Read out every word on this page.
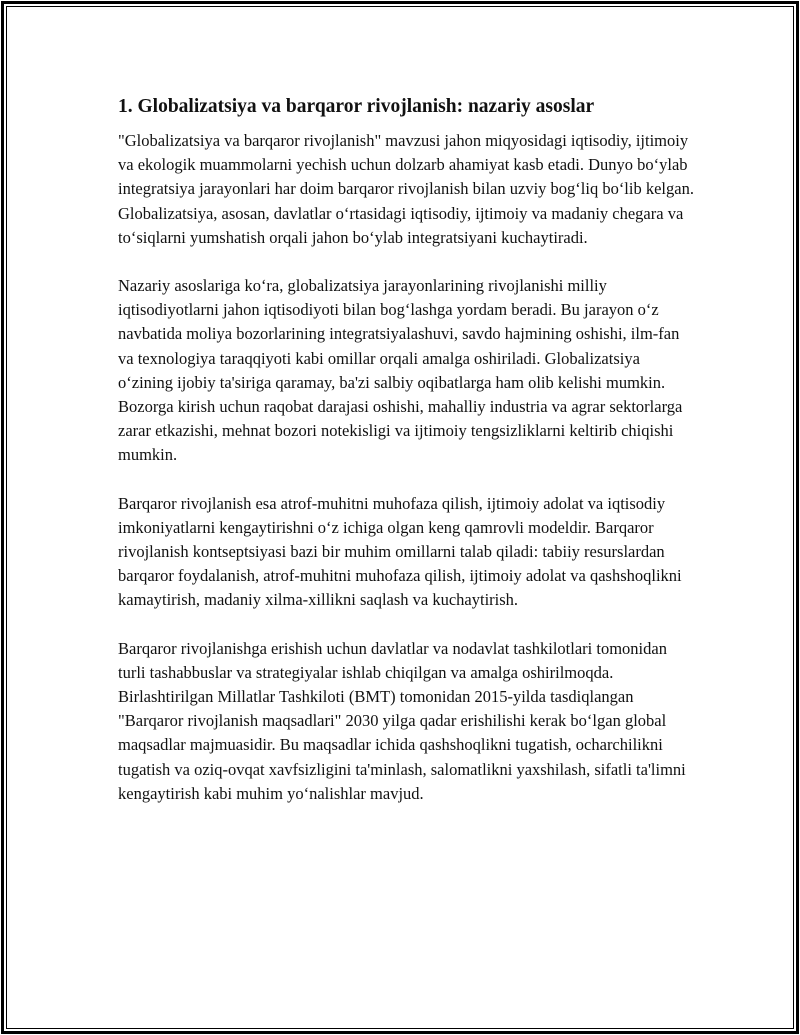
1. Globalizatsiya va barqaror rivojlanish: nazariy asoslar

"Globalizatsiya va barqaror rivojlanish" mavzusi jahon miqyosidagi iqtisodiy, ijtimoiy va ekologik muammolarni yechish uchun dolzarb ahamiyat kasb etadi. Dunyo bo‘ylab integratsiya jarayonlari har doim barqaror rivojlanish bilan uzviy bog‘liq bo‘lib kelgan. Globalizatsiya, asosan, davlatlar o‘rtasidagi iqtisodiy, ijtimoiy va madaniy chegara va to‘siqlarni yumshatish orqali jahon bo‘ylab integratsiyani kuchaytiradi.

Nazariy asoslariga ko‘ra, globalizatsiya jarayonlarining rivojlanishi milliy iqtisodiyotlarni jahon iqtisodiyoti bilan bog‘lashga yordam beradi. Bu jarayon o‘z navbatida moliya bozorlarining integratsiyalashuvi, savdo hajmining oshishi, ilm-fan va texnologiya taraqqiyoti kabi omillar orqali amalga oshiriladi. Globalizatsiya o‘zining ijobiy ta'siriga qaramay, ba'zi salbiy oqibatlarga ham olib kelishi mumkin. Bozorga kirish uchun raqobat darajasi oshishi, mahalliy industria va agrar sektorlarga zarar etkazishi, mehnat bozori notekisligi va ijtimoiy tengsizliklarni keltirib chiqishi mumkin.

Barqaror rivojlanish esa atrof-muhitni muhofaza qilish, ijtimoiy adolat va iqtisodiy imkoniyatlarni kengaytirishni o‘z ichiga olgan keng qamrovli modeldir. Barqaror rivojlanish kontseptsiyasi bazi bir muhim omillarni talab qiladi: tabiiy resurslardan barqaror foydalanish, atrof-muhitni muhofaza qilish, ijtimoiy adolat va qashshoqlikni kamaytirish, madaniy xilma-xillikni saqlash va kuchaytirish.

Barqaror rivojlanishga erishish uchun davlatlar va nodavlat tashkilotlari tomonidan turli tashabbuslar va strategiyalar ishlab chiqilgan va amalga oshirilmoqda. Birlashtirilgan Millatlar Tashkiloti (BMT) tomonidan 2015-yilda tasdiqlangan "Barqaror rivojlanish maqsadlari" 2030 yilga qadar erishilishi kerak bo‘lgan global maqsadlar majmuasidir. Bu maqsadlar ichida qashshoqlikni tugatish, ocharchilikni tugatish va oziq-ovqat xavfsizligini ta'minlash, salomatlikni yaxshilash, sifatli ta'limni kengaytirish kabi muhim yo‘nalishlar mavjud.
